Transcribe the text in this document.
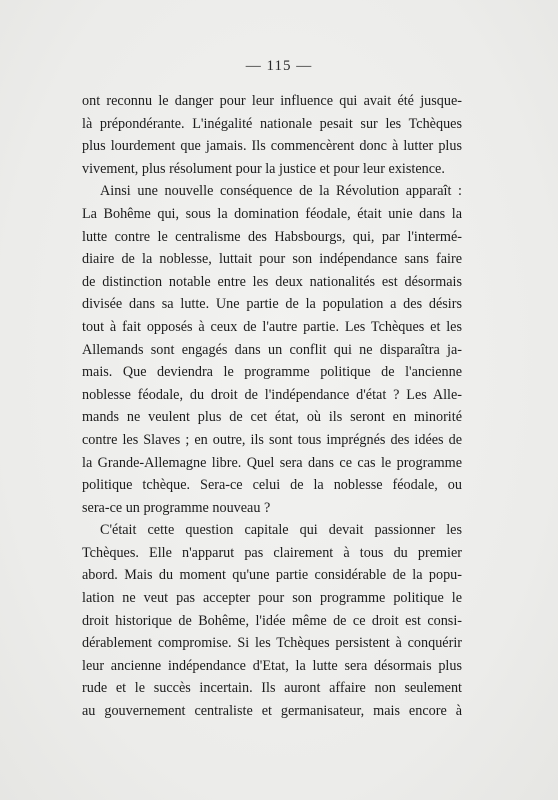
— 115 —
ont reconnu le danger pour leur influence qui avait été jusque-
là prépondérante. L'inégalité nationale pesait sur les Tchèques
plus lourdement que jamais. Ils commencèrent donc à lutter plus
vivement, plus résolument pour la justice et pour leur existence.
Ainsi une nouvelle conséquence de la Révolution apparaît :
La Bohême qui, sous la domination féodale, était unie dans la
lutte contre le centralisme des Habsbourgs, qui, par l'intermé-
diaire de la noblesse, luttait pour son indépendance sans faire
de distinction notable entre les deux nationalités est désormais
divisée dans sa lutte. Une partie de la population a des désirs
tout à fait opposés à ceux de l'autre partie. Les Tchèques et les
Allemands sont engagés dans un conflit qui ne disparaîtra ja-
mais. Que deviendra le programme politique de l'ancienne
noblesse féodale, du droit de l'indépendance d'état ? Les Alle-
mands ne veulent plus de cet état, où ils seront en minorité
contre les Slaves ; en outre, ils sont tous imprégnés des idées de
la Grande-Allemagne libre. Quel sera dans ce cas le programme
politique tchèque. Sera-ce celui de la noblesse féodale, ou
sera-ce un programme nouveau ?
C'était cette question capitale qui devait passionner les
Tchèques. Elle n'apparut pas clairement à tous du premier
abord. Mais du moment qu'une partie considérable de la popu-
lation ne veut pas accepter pour son programme politique le
droit historique de Bohême, l'idée même de ce droit est consi-
dérablement compromise. Si les Tchèques persistent à conquérir
leur ancienne indépendance d'Etat, la lutte sera désormais plus
rude et le succès incertain. Ils auront affaire non seulement
au gouvernement centraliste et germanisateur, mais encore à
